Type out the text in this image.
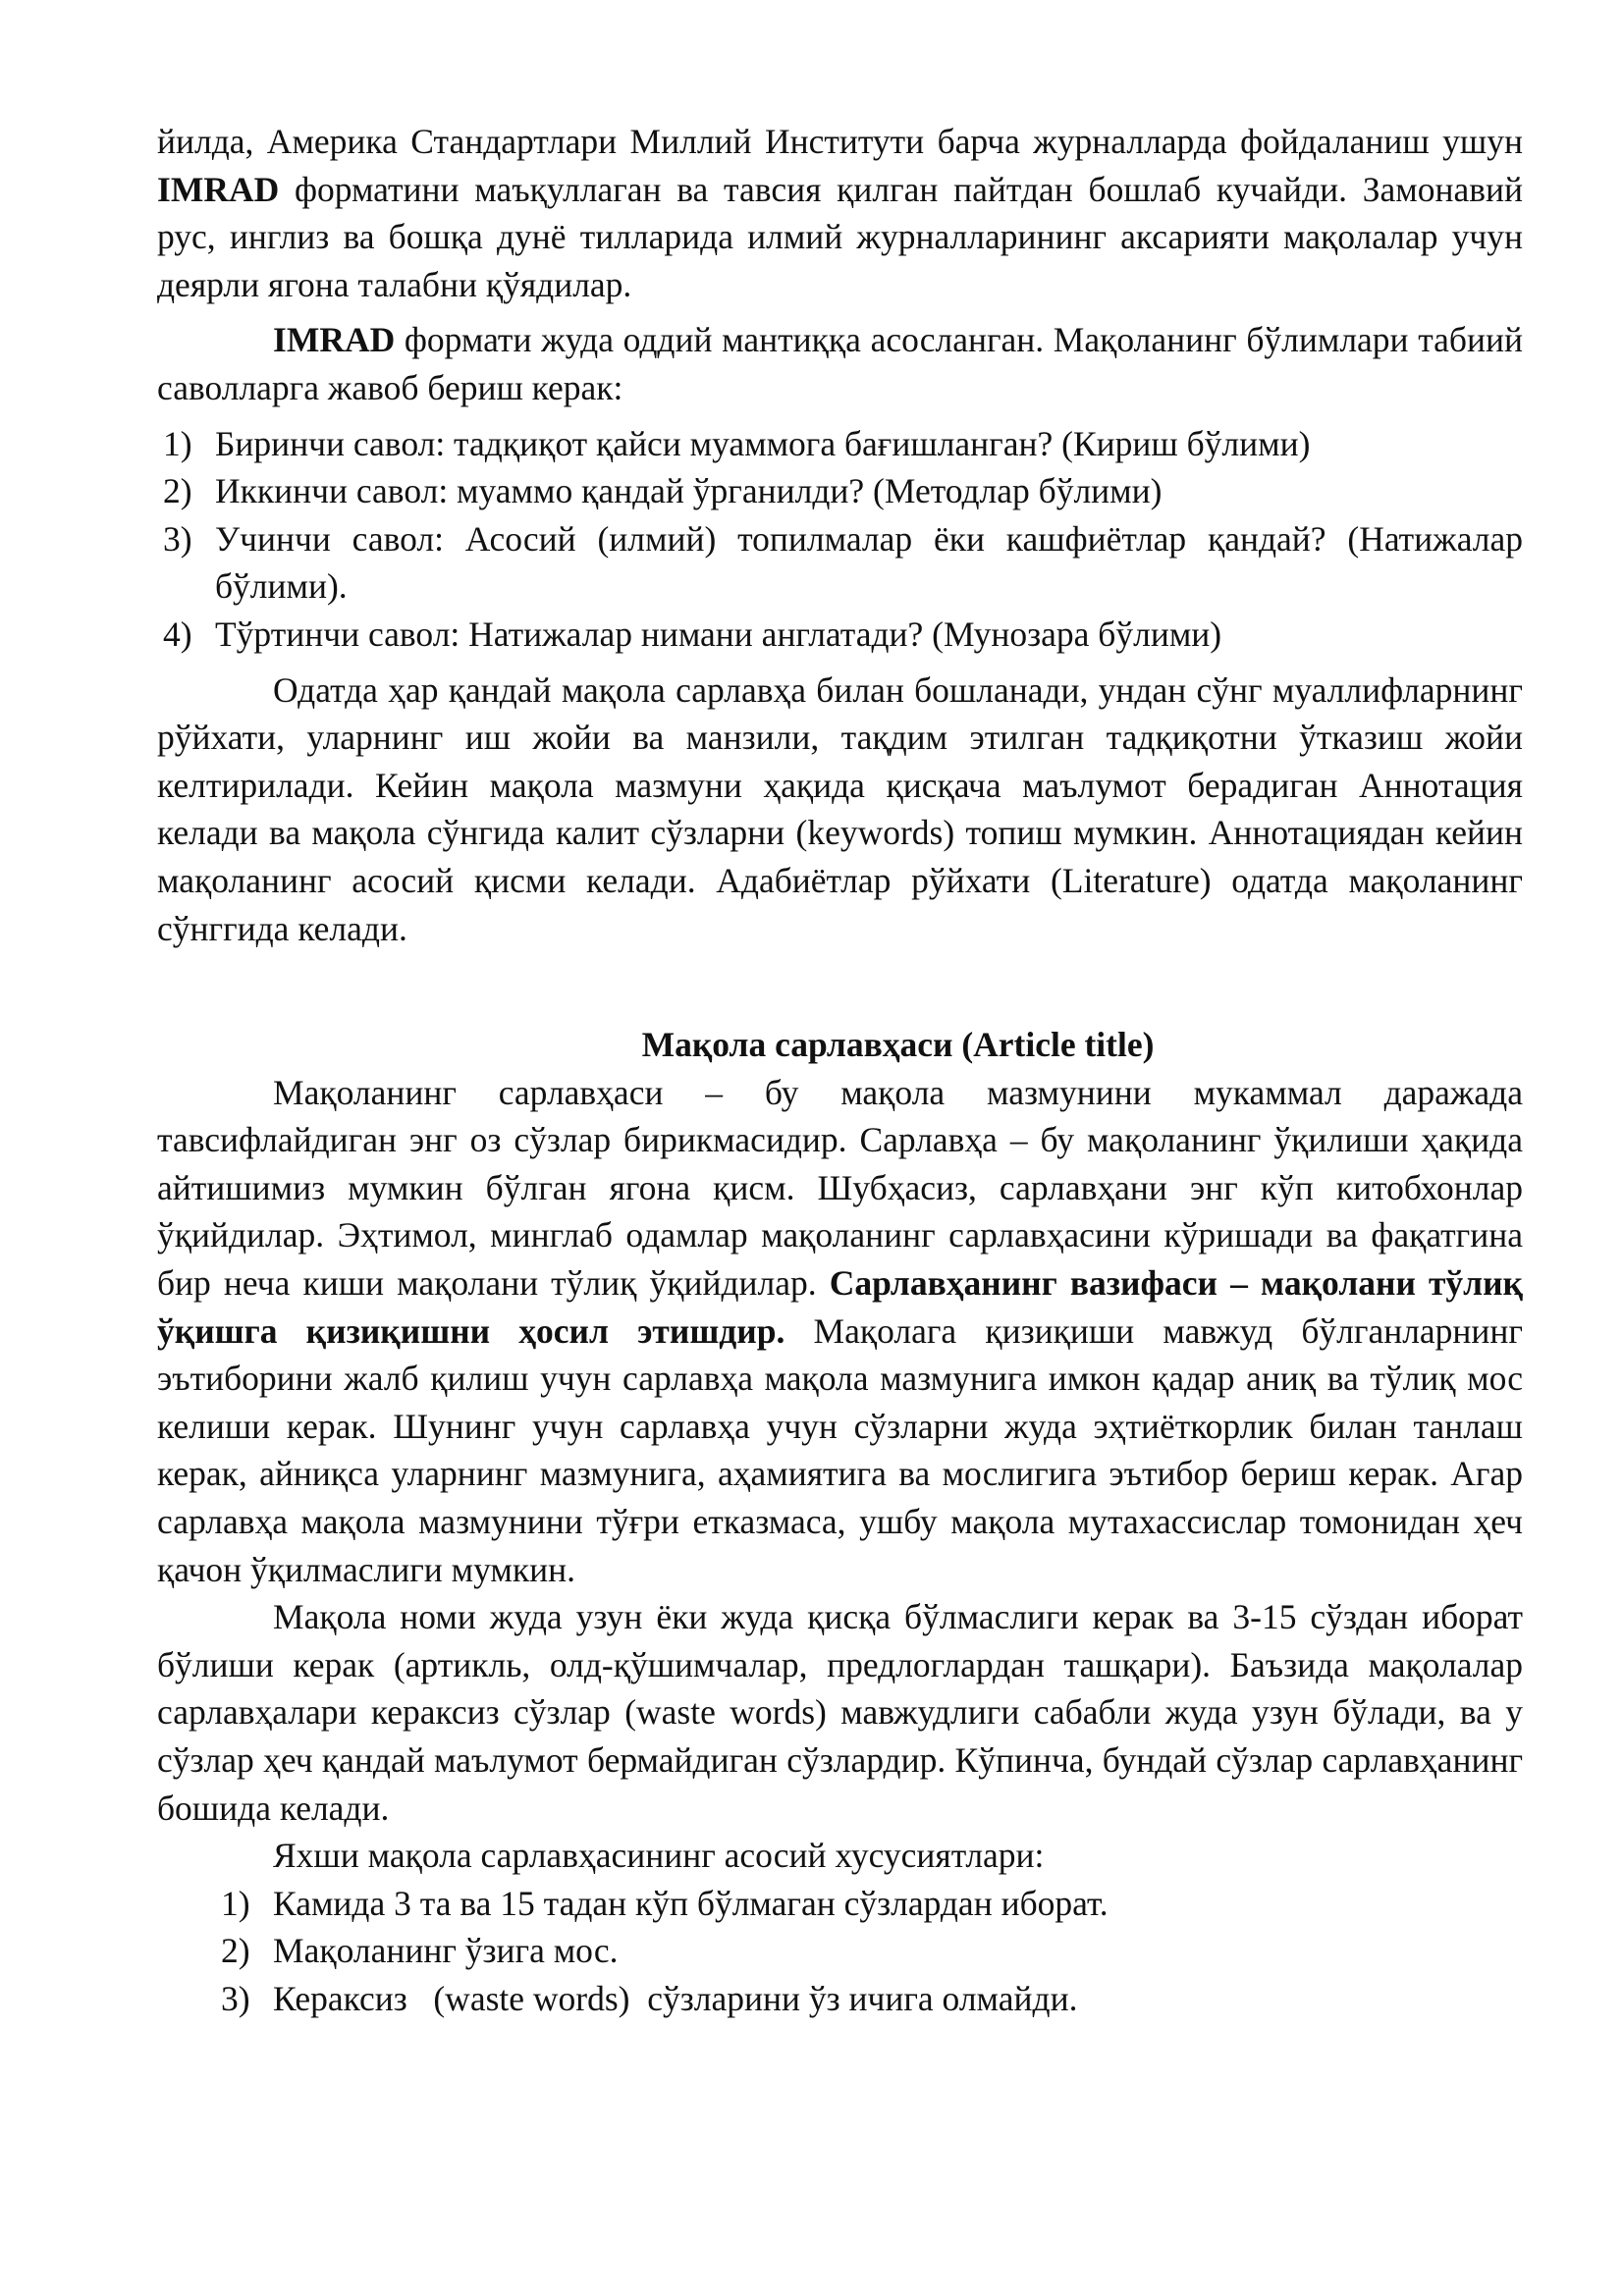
йилда, Америка Стандартлари Миллий Институти барча журналларда фойдаланиш ушун IMRAD форматини маъқуллаган ва тавсия қилган пайтдан бошлаб кучайди. Замонавий рус, инглиз ва бошқа дунё тилларида илмий журналларининг аксарияти мақолалар учун деярли ягона талабни қўядилар.

IMRAD формати жуда оддий мантиққа асосланган. Мақоланинг бўлимлари табиий саволларга жавоб бериш керак:

1) Биринчи савол: тадқиқот қайси муаммога бағишланган? (Кириш бўлими)
2) Иккинчи савол: муаммо қандай ўрганилди? (Методлар бўлими)
3) Учинчи савол: Асосий (илмий) топилмалар ёки кашфиётлар қандай? (Натижалар бўлими).
4) Тўртинчи савол: Натижалар нимани англатади? (Мунозара бўлими)

Одатда ҳар қандай мақола сарлавҳа билан бошланади, ундан сўнг муаллифларнинг рўйхати, уларнинг иш жойи ва манзили, тақдим этилган тадқиқотни ўтказиш жойи келтирилади. Кейин мақола мазмуни ҳақида қисқача маълумот берадиган Аннотация келади ва мақола сўнгида калит сўзларни (keywords) топиш мумкин. Аннотациядан кейин мақоланинг асосий қисми келади. Адабиётлар рўйхати (Literature) одатда мақоланинг сўнггида келади.

Мақола сарлавҳаси (Article title)

Мақоланинг сарлавҳаси – бу мақола мазмунини мукаммал даражада тавсифлайдиган энг оз сўзлар бирикмасидир. Сарлавҳа – бу мақоланинг ўқилиши ҳақида айтишимиз мумкин бўлган ягона қисм. Шубҳасиз, сарлавҳани энг кўп китобхонлар ўқийдилар. Эҳтимол, минглаб одамлар мақоланинг сарлавҳасини кўришади ва фақатгина бир неча киши мақолани тўлиқ ўқийдилар. Сарлавҳанинг вазифаси – мақолани тўлиқ ўқишга қизиқишни ҳосил этишдир. Мақолага қизиқиши мавжуд бўлганларнинг эътиборини жалб қилиш учун сарлавҳа мақола мазмунига имкон қадар аниқ ва тўлиқ мос келиши керак. Шунинг учун сарлавҳа учун сўзларни жуда эҳтиёткорлик билан танлаш керак, айниқса уларнинг мазмунига, аҳамиятига ва мослигига эътибор бериш керак. Агар сарлавҳа мақола мазмунини тўғри етказмаса, ушбу мақола мутахассислар томонидан ҳеч қачон ўқилмаслиги мумкин.

Мақола номи жуда узун ёки жуда қисқа бўлмаслиги керак ва 3-15 сўздан иборат бўлиши керак (артикль, олд-қўшимчалар, предлоглардан ташқари). Баъзида мақолалар сарлавҳалари кераксиз сўзлар (waste words) мавжудлиги сабабли жуда узун бўлади, ва у сўзлар ҳеч қандай маълумот бермайдиган сўзлардир. Кўпинча, бундай сўзлар сарлавҳанинг бошида келади.

Яхши мақола сарлавҳасининг асосий хусусиятлари:

1) Камида 3 та ва 15 тадан кўп бўлмаган сўзлардан иборат.
2) Мақоланинг ўзига мос.
3) Кераксиз   (waste words)  сўзларини ўз ичига олмайди.
